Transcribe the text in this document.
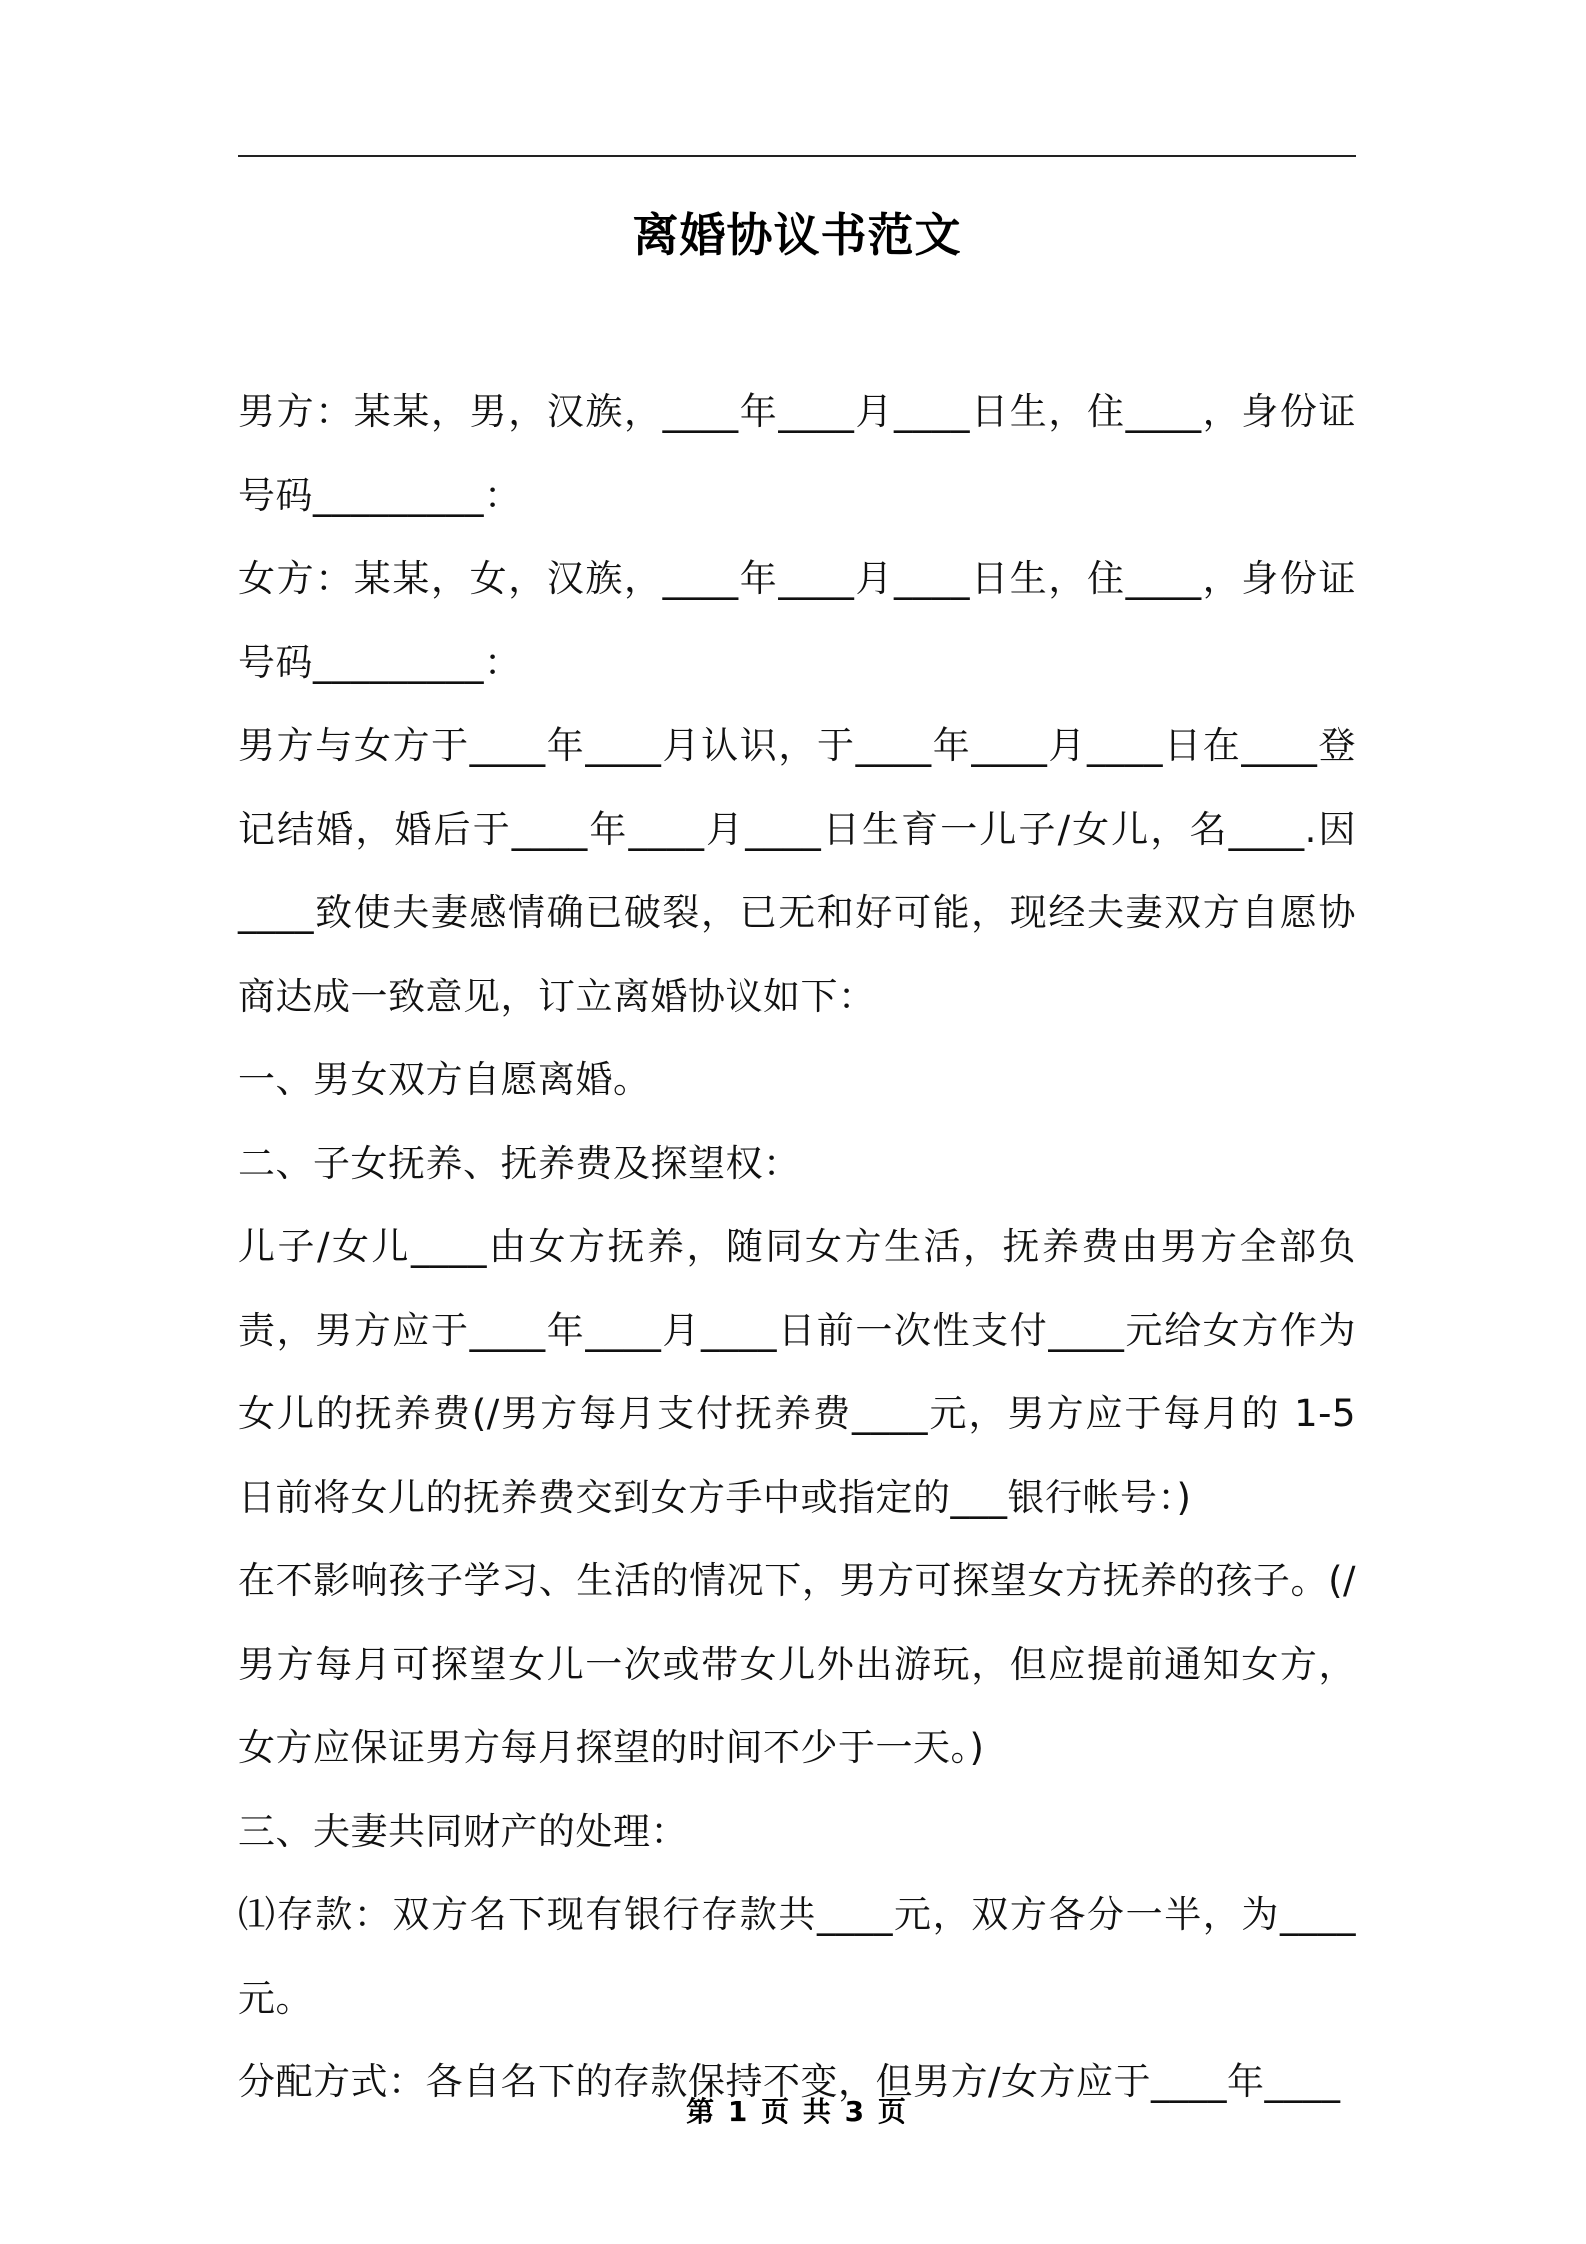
离婚协议书范文

男方：某某，男，汉族，____年____月____日生，住____，身份证号码_________：

女方：某某，女，汉族，____年____月____日生，住____，身份证号码_________：

男方与女方于____年____月认识，于____年____月____日在____登记结婚，婚后于____年____月____日生育一儿子/女儿，名____.因____致使夫妻感情确已破裂，已无和好可能，现经夫妻双方自愿协商达成一致意见，订立离婚协议如下：

一、男女双方自愿离婚。

二、子女抚养、抚养费及探望权：

儿子/女儿____由女方抚养，随同女方生活，抚养费由男方全部负责，男方应于____年____月____日前一次性支付____元给女方作为女儿的抚养费(/男方每月支付抚养费____元，男方应于每月的 1-5 日前将女儿的抚养费交到女方手中或指定的___银行帐号：)

在不影响孩子学习、生活的情况下，男方可探望女方抚养的孩子。(/男方每月可探望女儿一次或带女儿外出游玩，但应提前通知女方，女方应保证男方每月探望的时间不少于一天。)

三、夫妻共同财产的处理：

⑴存款：双方名下现有银行存款共____元，双方各分一半，为____元。

分配方式：各自名下的存款保持不变，但男方/女方应于____年____

第 1 页 共 3 页
